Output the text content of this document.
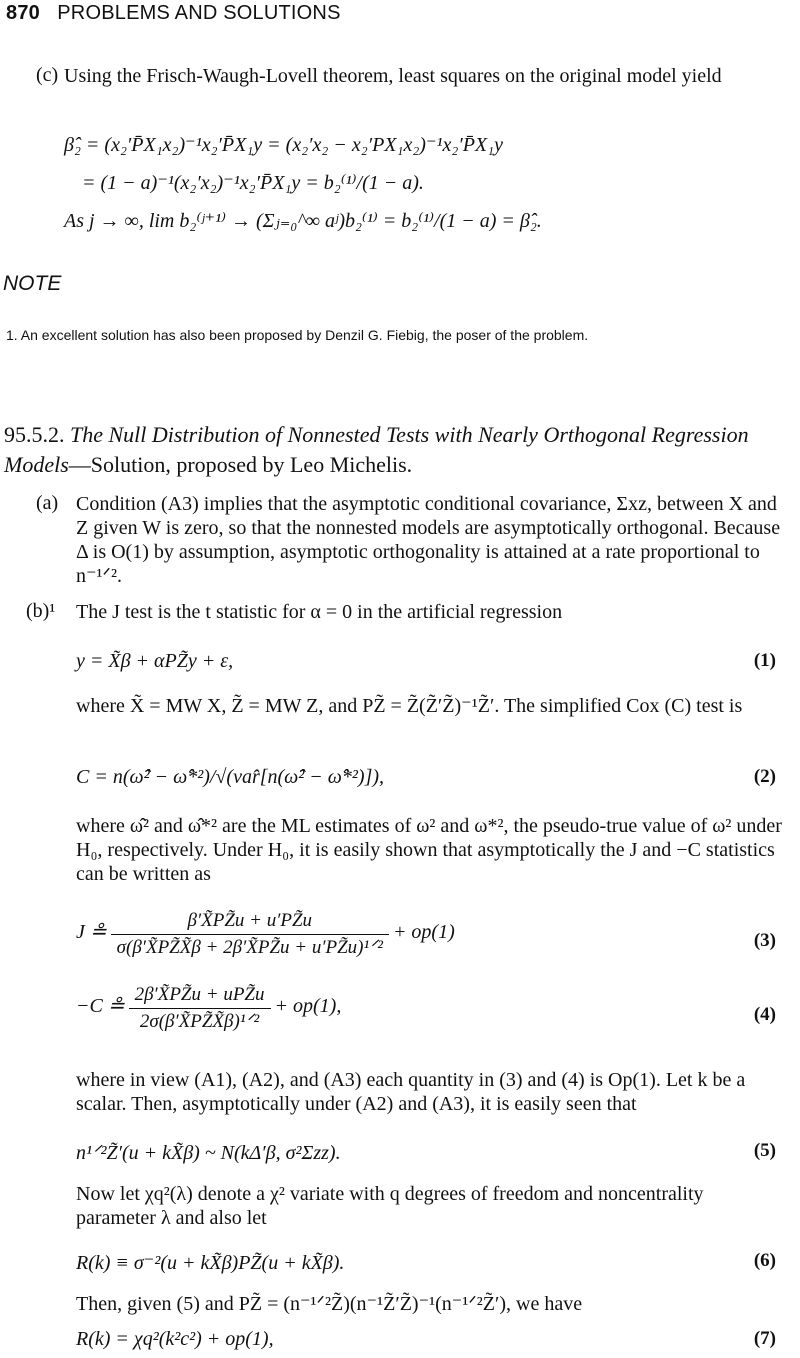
870 PROBLEMS AND SOLUTIONS
(c) Using the Frisch-Waugh-Lovell theorem, least squares on the original model yield
β̂₂ = (x₂′P̄X₁x₂)⁻¹x₂′P̄X₁y = (x₂′x₂ − x₂′PX₁x₂)⁻¹x₂′P̄X₁y
= (1 − a)⁻¹(x₂′x₂)⁻¹x₂′P̄X₁y = b₂⁽¹⁾/(1 − a).
As j → ∞, lim b₂⁽ʲ⁺¹⁾ → (Σⱼ₌₀^∞ aʲ)b₂⁽¹⁾ = b₂⁽¹⁾/(1 − a) = β̂₂.
NOTE
1. An excellent solution has also been proposed by Denzil G. Fiebig, the poser of the problem.
95.5.2. The Null Distribution of Nonnested Tests with Nearly Orthogonal Regression Models—Solution, proposed by Leo Michelis.
(a) Condition (A3) implies that the asymptotic conditional covariance, Σxz, between X and Z given W is zero, so that the nonnested models are asymptotically orthogonal. Because Δ is O(1) by assumption, asymptotic orthogonality is attained at a rate proportional to n⁻¹ᐟ².
(b)¹ The J test is the t statistic for α = 0 in the artificial regression
y = X̃β + αPZ̃y + ε,	(1)
where X̃ = MW X, Z̃ = MW Z, and PZ̃ = Z̃(Z̃′Z̃)⁻¹Z̃′. The simplified Cox (C) test is
C = n(ω̂² − ω̂*²)/√(var̂[n(ω̂² − ω̂*²)]),	(2)
where ω̂² and ω̂*² are the ML estimates of ω² and ω*², the pseudo-true value of ω² under H₀, respectively. Under H₀, it is easily shown that asymptotically the J and −C statistics can be written as
J ≗ $\frac{\beta'X̃PZ̃u + u'PZ̃u}{\text{σ(β′X̃PZ̃X̃β + 2β′X̃PZ̃u + u′PZ̃u)¹ᐟ²}} + op(1)$	(3)
−C ≗ $\frac{\text{2β′X̃PZ̃u + uPZ̃u}}{\text{2σ(β′X̃PZ̃X̃β)¹ᐟ²}} + op(1)$,	(4)
where in view (A1), (A2), and (A3) each quantity in (3) and (4) is Op(1). Let k be a scalar. Then, asymptotically under (A2) and (A3), it is easily seen that
n¹ᐟ²Z̃′(u + kX̃β) ~ N(kΔ′β, σ²Σzz).	(5)
Now let χq²(λ) denote a χ² variate with q degrees of freedom and noncentrality parameter λ and also let
R(k) ≡ σ⁻²(u + kX̃β)PZ̃(u + kX̃β).	(6)
Then, given (5) and PZ̃ = (n⁻¹ᐟ²Z̃)(n⁻¹Z̃′Z̃)⁻¹(n⁻¹ᐟ²Z̃′), we have
R(k) = χq²(k²c²) + op(1),	(7)
